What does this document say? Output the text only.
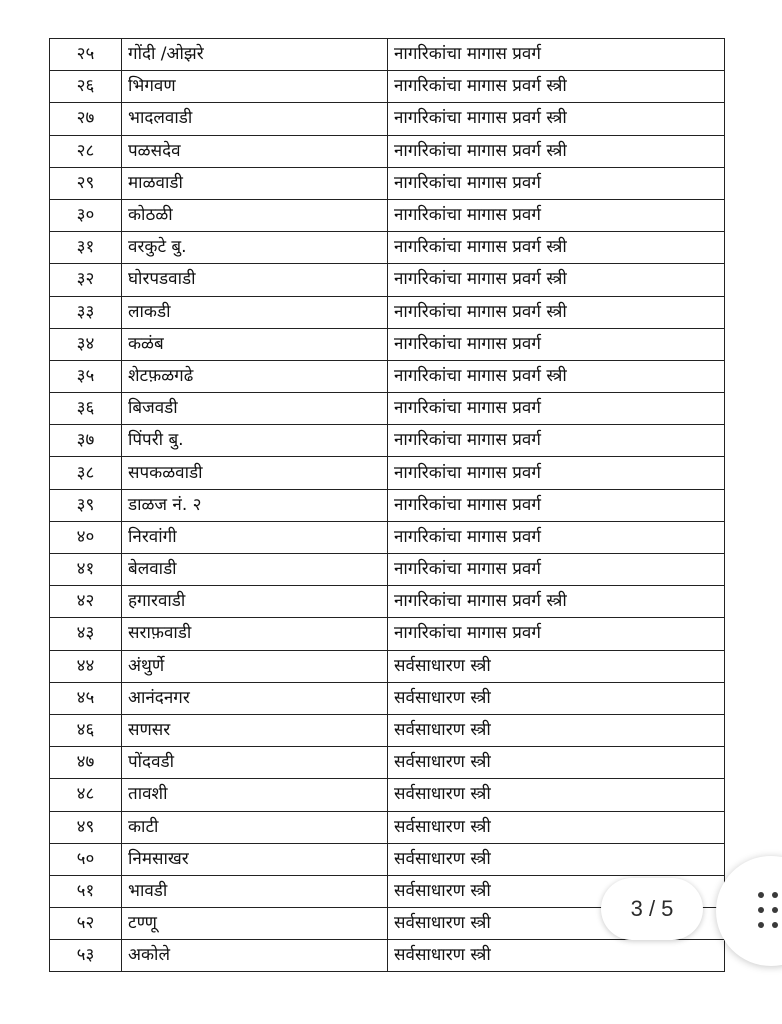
२५	गोंदी /ओझरे	नागरिकांचा मागास प्रवर्ग
२६	भिगवण	नागरिकांचा मागास प्रवर्ग स्त्री
२७	भादलवाडी	नागरिकांचा मागास प्रवर्ग स्त्री
२८	पळसदेव	नागरिकांचा मागास प्रवर्ग स्त्री
२९	माळवाडी	नागरिकांचा मागास प्रवर्ग
३०	कोठळी	नागरिकांचा मागास प्रवर्ग
३१	वरकुटे बु.	नागरिकांचा मागास प्रवर्ग स्त्री
३२	घोरपडवाडी	नागरिकांचा मागास प्रवर्ग स्त्री
३३	लाकडी	नागरिकांचा मागास प्रवर्ग स्त्री
३४	कळंब	नागरिकांचा मागास प्रवर्ग
३५	शेटफ़ळगढे	नागरिकांचा मागास प्रवर्ग स्त्री
३६	बिजवडी	नागरिकांचा मागास प्रवर्ग
३७	पिंपरी बु.	नागरिकांचा मागास प्रवर्ग
३८	सपकळवाडी	नागरिकांचा मागास प्रवर्ग
३९	डाळज नं. २	नागरिकांचा मागास प्रवर्ग
४०	निरवांगी	नागरिकांचा मागास प्रवर्ग
४१	बेलवाडी	नागरिकांचा मागास प्रवर्ग
४२	हगारवाडी	नागरिकांचा मागास प्रवर्ग स्त्री
४३	सराफ़वाडी	नागरिकांचा मागास प्रवर्ग
४४	अंथुर्णे	सर्वसाधारण स्त्री
४५	आनंदनगर	सर्वसाधारण स्त्री
४६	सणसर	सर्वसाधारण स्त्री
४७	पोंदवडी	सर्वसाधारण स्त्री
४८	तावशी	सर्वसाधारण स्त्री
४९	काटी	सर्वसाधारण स्त्री
५०	निमसाखर	सर्वसाधारण स्त्री
५१	भावडी	सर्वसाधारण स्त्री
५२	टण्णू	सर्वसाधारण स्त्री
५३	अकोले	सर्वसाधारण स्त्री
3 / 5
